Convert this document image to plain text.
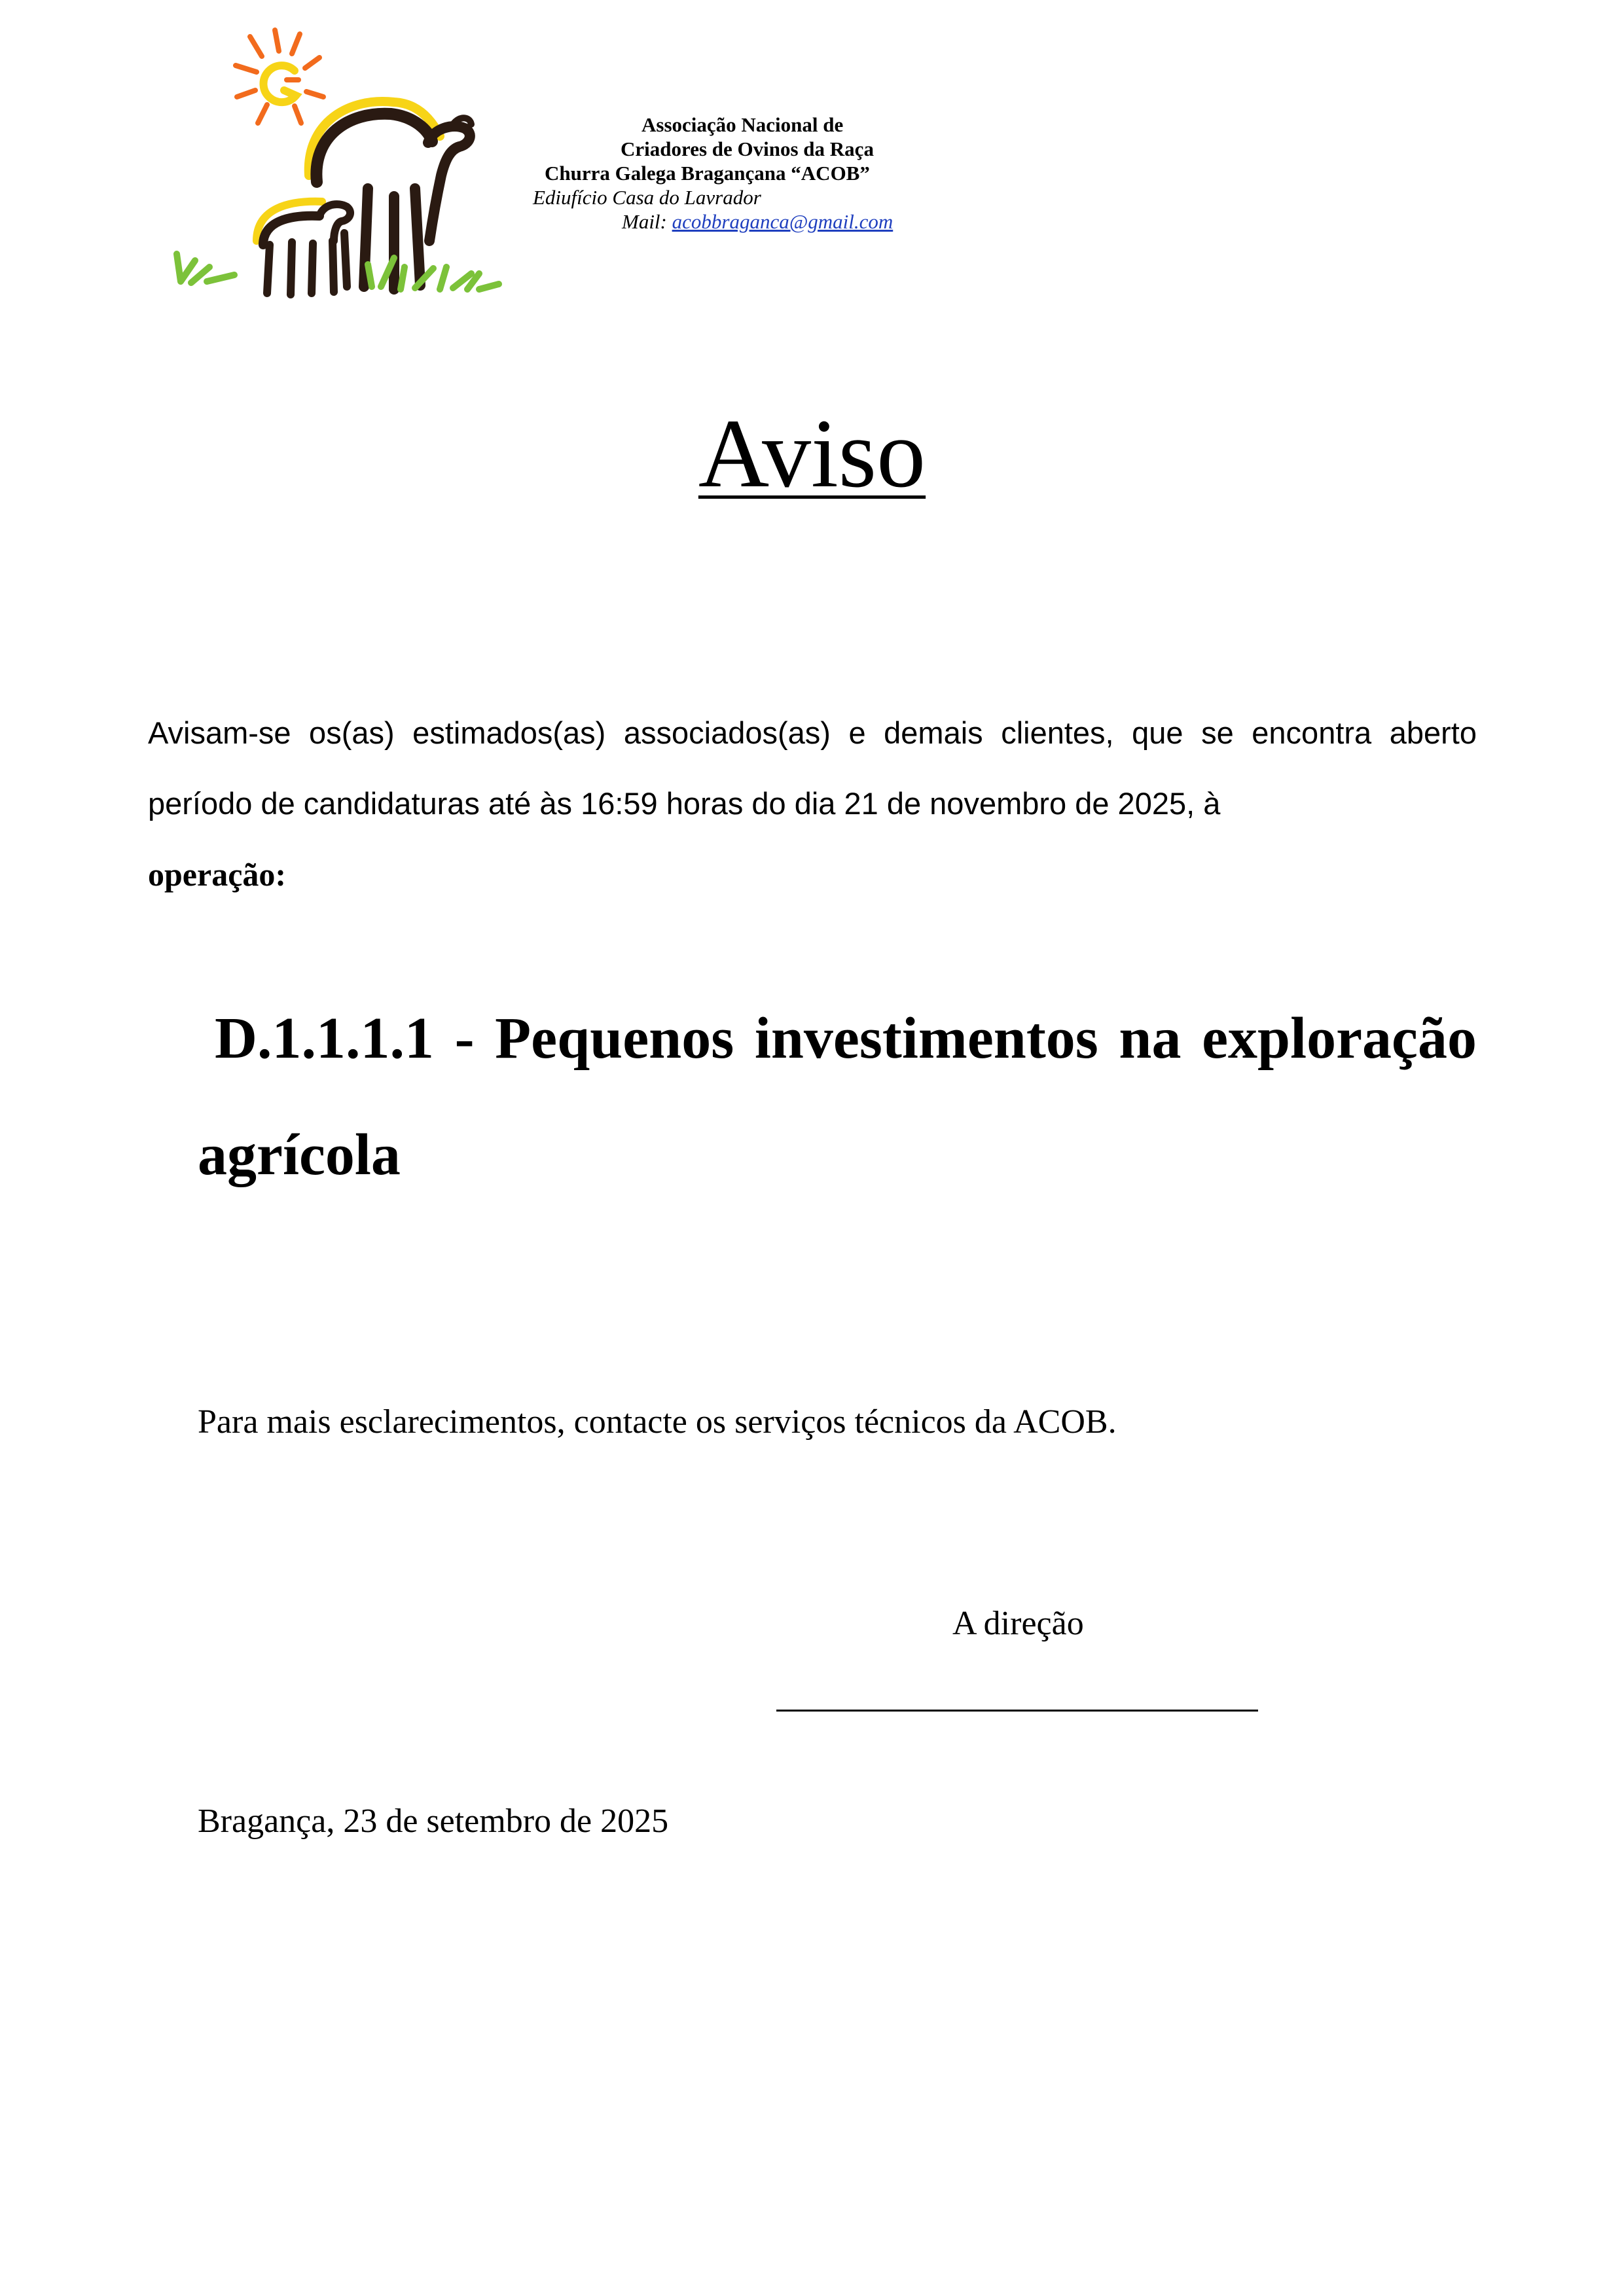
Associação Nacional de
Criadores de Ovinos da Raça
Churra Galega Bragançana “ACOB”
Ediufício Casa do Lavrador
Mail: acobbraganca@gmail.com
Aviso
Avisam-se os(as) estimados(as) associados(as) e demais clientes, que se encontra aberto período de candidaturas até às 16:59 horas do dia 21 de novembro de 2025, à
operação:
D.1.1.1.1 - Pequenos investimentos na exploração agrícola
Para mais esclarecimentos, contacte os serviços técnicos da ACOB.
A direção
Bragança, 23 de setembro de 2025
